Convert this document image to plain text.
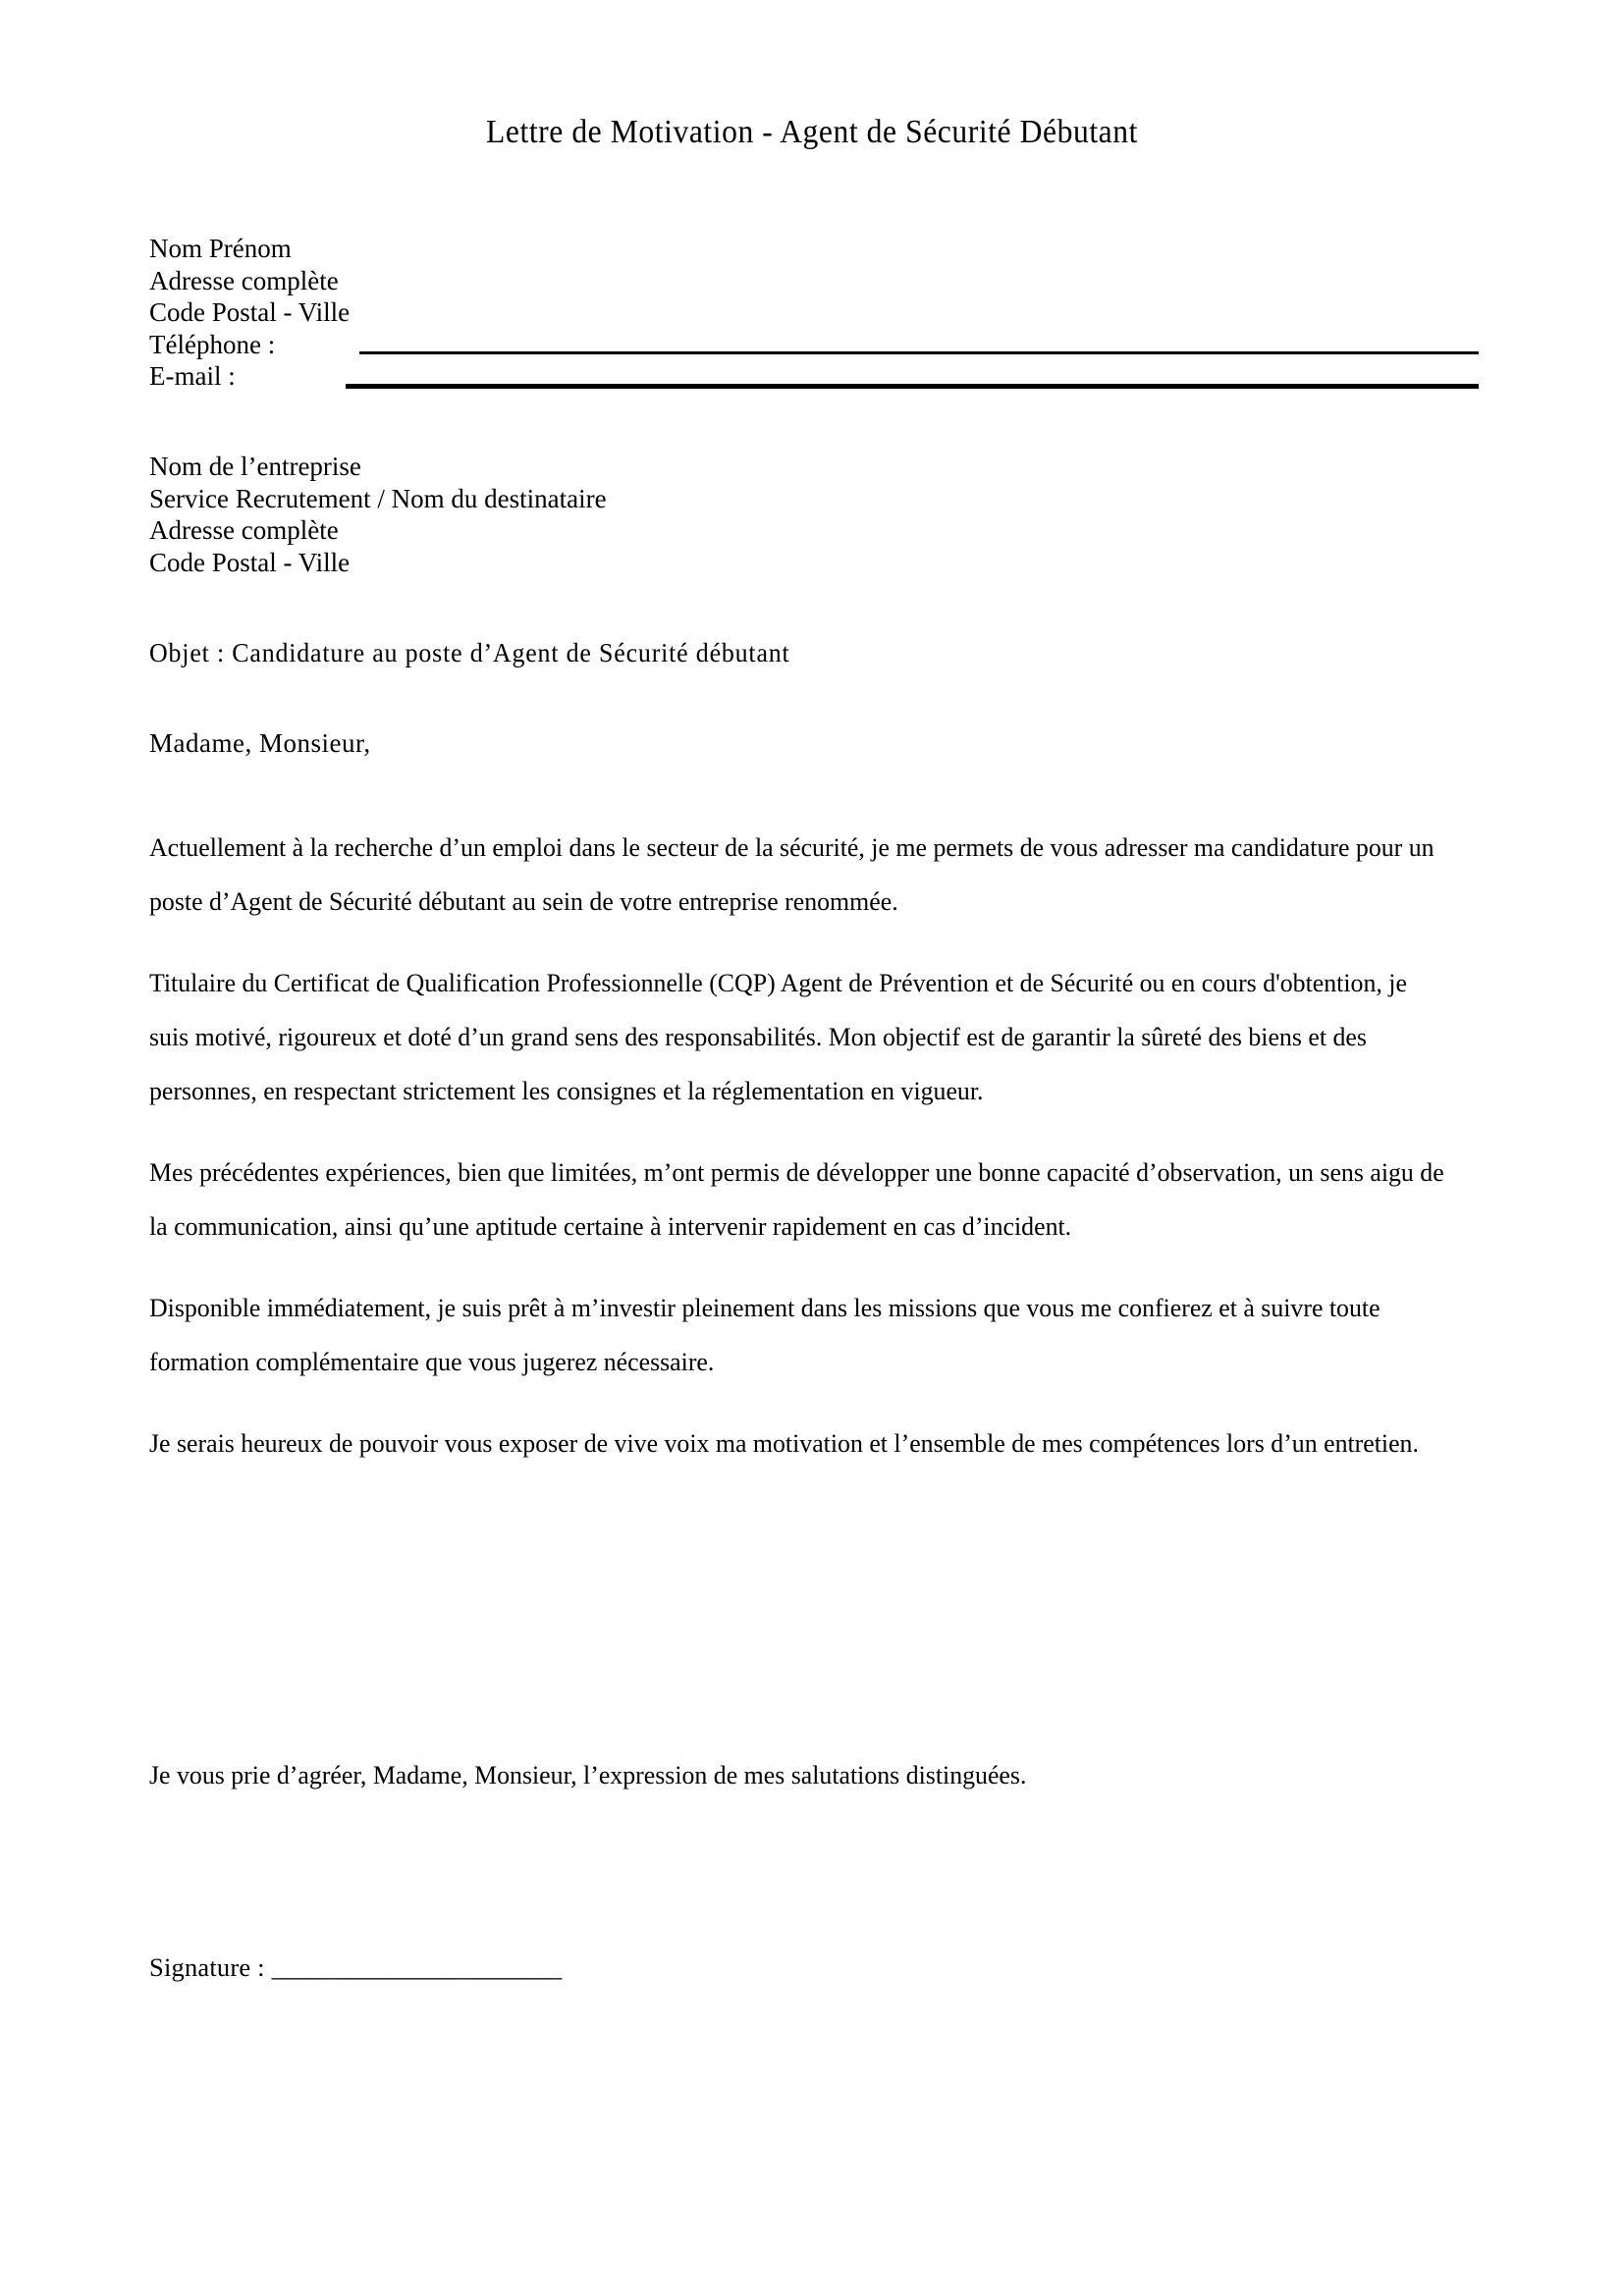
Lettre de Motivation - Agent de Sécurité Débutant
Nom Prénom
Adresse complète
Code Postal - Ville
Téléphone :
E-mail :
Nom de l’entreprise
Service Recrutement / Nom du destinataire
Adresse complète
Code Postal - Ville
Objet : Candidature au poste d’Agent de Sécurité débutant
Madame, Monsieur,

Actuellement à la recherche d’un emploi dans le secteur de la sécurité, je me permets de vous adresser ma candidature pour un poste d’Agent de Sécurité débutant au sein de votre entreprise renommée.

Titulaire du Certificat de Qualification Professionnelle (CQP) Agent de Prévention et de Sécurité ou en cours d'obtention, je suis motivé, rigoureux et doté d’un grand sens des responsabilités. Mon objectif est de garantir la sûreté des biens et des personnes, en respectant strictement les consignes et la réglementation en vigueur.

Mes précédentes expériences, bien que limitées, m’ont permis de développer une bonne capacité d’observation, un sens aigu de la communication, ainsi qu’une aptitude certaine à intervenir rapidement en cas d’incident.

Disponible immédiatement, je suis prêt à m’investir pleinement dans les missions que vous me confierez et à suivre toute formation complémentaire que vous jugerez nécessaire.

Je serais heureux de pouvoir vous exposer de vive voix ma motivation et l’ensemble de mes compétences lors d’un entretien.

Je vous prie d’agréer, Madame, Monsieur, l’expression de mes salutations distinguées.
Signature : ______________________
